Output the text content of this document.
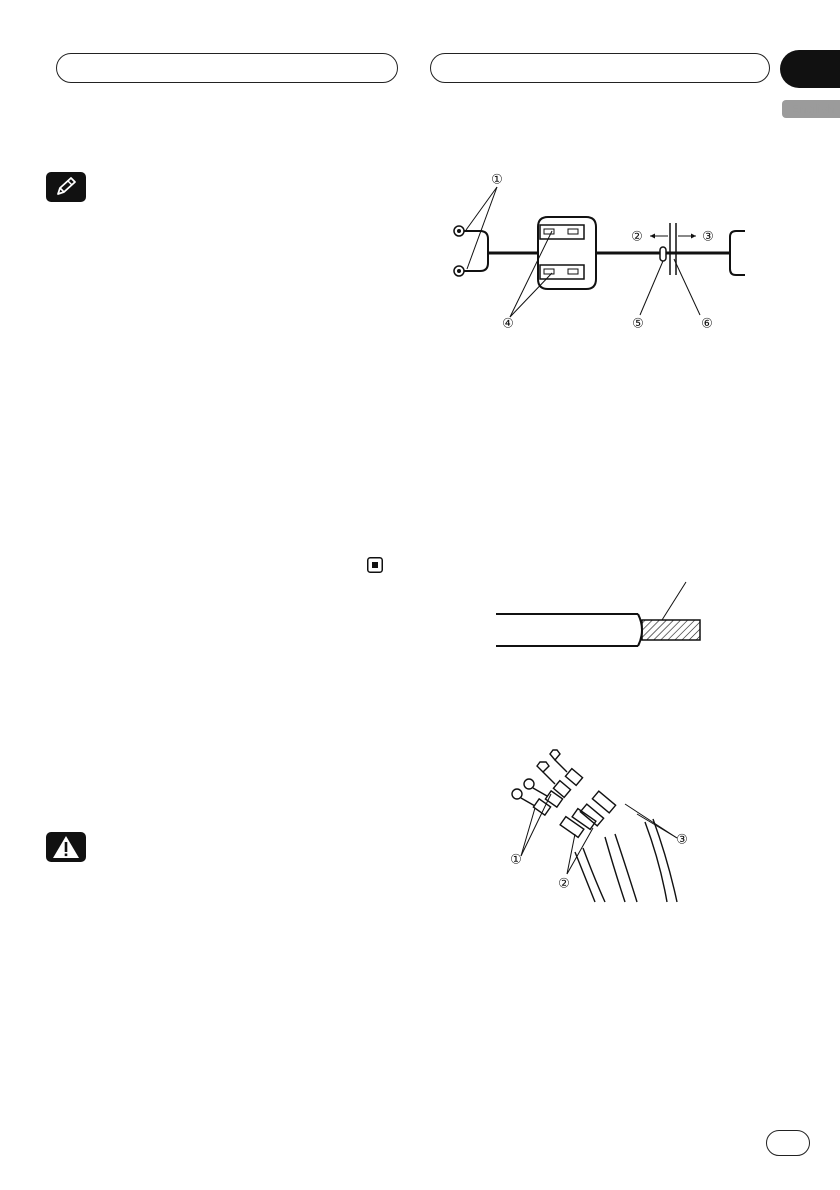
English
①
②	③
④	⑤	⑥
①
②
③
